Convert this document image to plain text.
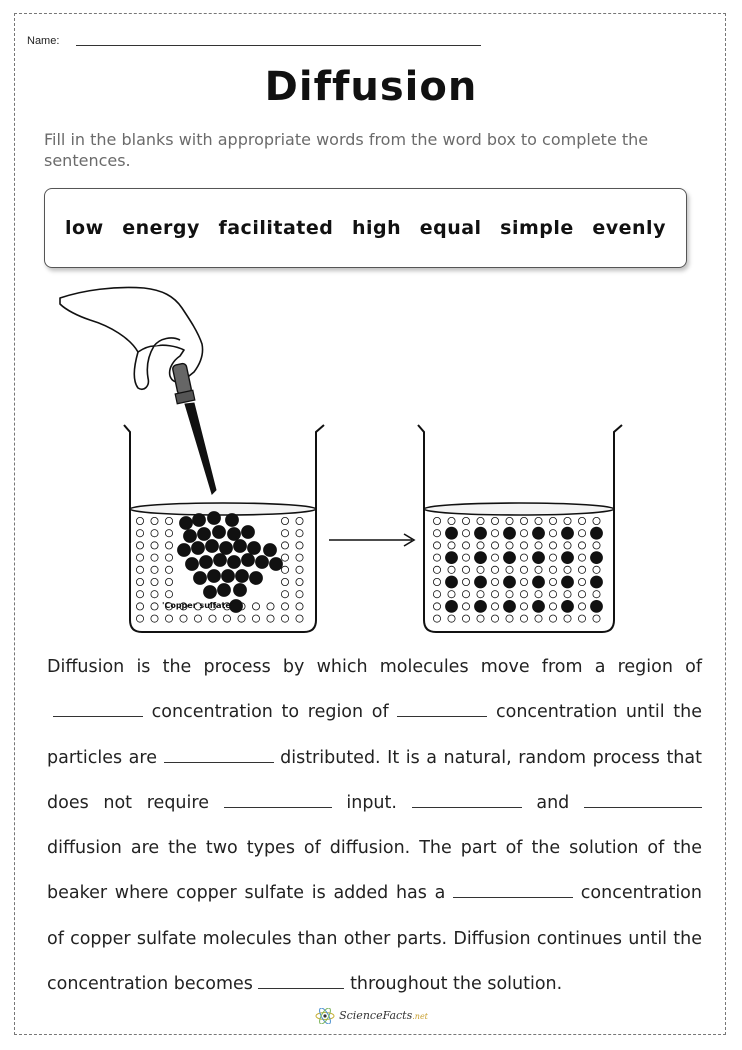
Name:
Diffusion
Fill in the blanks with appropriate words from the word box to complete the sentences.
low energy facilitated high equal simple evenly
'Copper sulfate'
Diffusion is the process by which molecules move from a region of  concentration to region of	concentration until the particles are	distributed. It is a natural, random process that does not require	input.	and  diffusion are the two types of diffusion. The part of the solution of the beaker where copper sulfate is added has a	concentration of copper sulfate molecules than other parts. Diffusion continues until the concentration becomes	throughout the solution.
ScienceFacts.net
